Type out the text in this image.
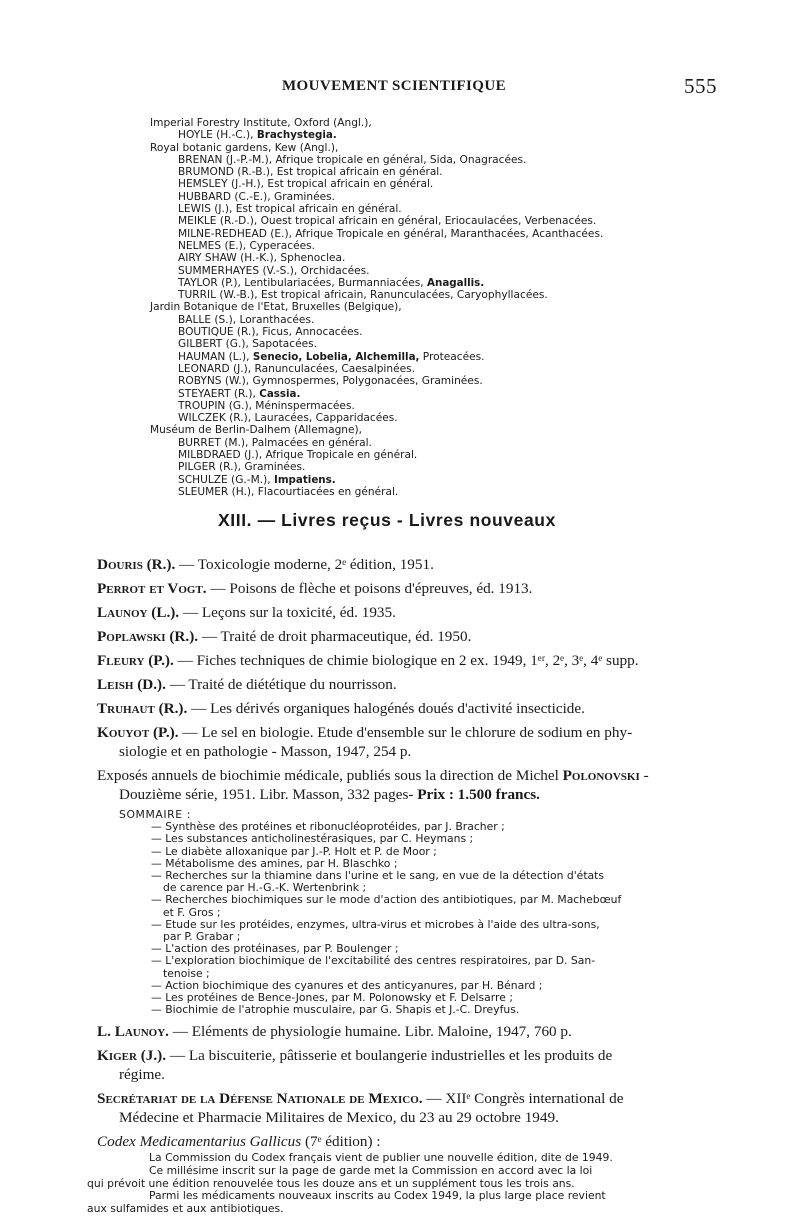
MOUVEMENT SCIENTIFIQUE	555
Imperial Forestry Institute, Oxford (Angl.),
HOYLE (H.-C.), Brachystegia.
Royal botanic gardens, Kew (Angl.),
BRENAN (J.-P.-M.), Afrique tropicale en général, Sida, Onagracées.
BRUMOND (R.-B.), Est tropical africain en général.
HEMSLEY (J.-H.), Est tropical africain en général.
HUBBARD (C.-E.), Graminées.
LEWIS (J.), Est tropical africain en général.
MEIKLE (R.-D.), Ouest tropical africain en général, Eriocaulacées, Verbenacées.
MILNE-REDHEAD (E.), Afrique Tropicale en général, Maranthacées, Acanthacées.
NELMES (E.), Cyperacées.
AIRY SHAW (H.-K.), Sphenoclea.
SUMMERHAYES (V.-S.), Orchidacées.
TAYLOR (P.), Lentibulariacées, Burmanniacées, Anagallis.
TURRIL (W.-B.), Est tropical africain, Ranunculacées, Caryophyllacées.
Jardin Botanique de l'Etat, Bruxelles (Belgique),
BALLE (S.), Loranthacées.
BOUTIQUE (R.), Ficus, Annocacées.
GILBERT (G.), Sapotacées.
HAUMAN (L.), Senecio, Lobelia, Alchemilla, Proteacées.
LEONARD (J.), Ranunculacées, Caesalpinées.
ROBYNS (W.), Gymnospermes, Polygonacées, Graminées.
STEYAERT (R.), Cassia.
TROUPIN (G.), Méninspermacées.
WILCZEK (R.), Lauracées, Capparidacées.
Muséum de Berlin-Dalhem (Allemagne),
BURRET (M.), Palmacées en général.
MILBDRAED (J.), Afrique Tropicale en général.
PILGER (R.), Graminées.
SCHULZE (G.-M.), Impatiens.
SLEUMER (H.), Flacourtiacées en général.
XIII. — Livres reçus - Livres nouveaux
Douris (R.). — Toxicologie moderne, 2ᵉ édition, 1951.
Perrot et Vogt. — Poisons de flèche et poisons d'épreuves, éd. 1913.
Launoy (L.). — Leçons sur la toxicité, éd. 1935.
Poplawski (R.). — Traité de droit pharmaceutique, éd. 1950.
Fleury (P.). — Fiches techniques de chimie biologique en 2 ex. 1949, 1ᵉʳ, 2ᵉ, 3ᵉ, 4ᵉ supp.
Leish (D.). — Traité de diététique du nourrisson.
Truhaut (R.). — Les dérivés organiques halogénés doués d'activité insecticide.
Kouyot (P.). — Le sel en biologie. Etude d'ensemble sur le chlorure de sodium en phy-
siologie et en pathologie - Masson, 1947, 254 p.
Exposés annuels de biochimie médicale, publiés sous la direction de Michel Polonovski -
Douzième série, 1951. Libr. Masson, 332 pages- Prix : 1.500 francs.
SOMMAIRE :
— Synthèse des protéines et ribonucléoprotéides, par J. Bracher ;
— Les substances anticholinestérasiques, par C. Heymans ;
— Le diabète alloxanique par J.-P. Holt et P. de Moor ;
— Métabolisme des amines, par H. Blaschko ;
— Recherches sur la thiamine dans l'urine et le sang, en vue de la détection d'états
de carence par H.-G.-K. Wertenbrink ;
— Recherches biochimiques sur le mode d'action des antibiotiques, par M. Machebœuf
et F. Gros ;
— Etude sur les protéides, enzymes, ultra-virus et microbes à l'aide des ultra-sons,
par P. Grabar ;
— L'action des protéinases, par P. Boulenger ;
— L'exploration biochimique de l'excitabilité des centres respiratoires, par D. San-
tenoise ;
— Action biochimique des cyanures et des anticyanures, par H. Bénard ;
— Les protéines de Bence-Jones, par M. Polonowsky et F. Delsarre ;
— Biochimie de l'atrophie musculaire, par G. Shapis et J.-C. Dreyfus.
L. Launoy. — Eléments de physiologie humaine. Libr. Maloine, 1947, 760 p.
Kiger (J.). — La biscuiterie, pâtisserie et boulangerie industrielles et les produits de
régime.
Secrétariat de la Défense Nationale de Mexico. — XIIᵉ Congrès international de
Médecine et Pharmacie Militaires de Mexico, du 23 au 29 octobre 1949.
Codex Medicamentarius Gallicus (7ᵉ édition) :
La Commission du Codex français vient de publier une nouvelle édition, dite de 1949.
Ce millésime inscrit sur la page de garde met la Commission en accord avec la loi
qui prévoit une édition renouvelée tous les douze ans et un supplément tous les trois ans.
Parmi les médicaments nouveaux inscrits au Codex 1949, la plus large place revient
aux sulfamides et aux antibiotiques.
